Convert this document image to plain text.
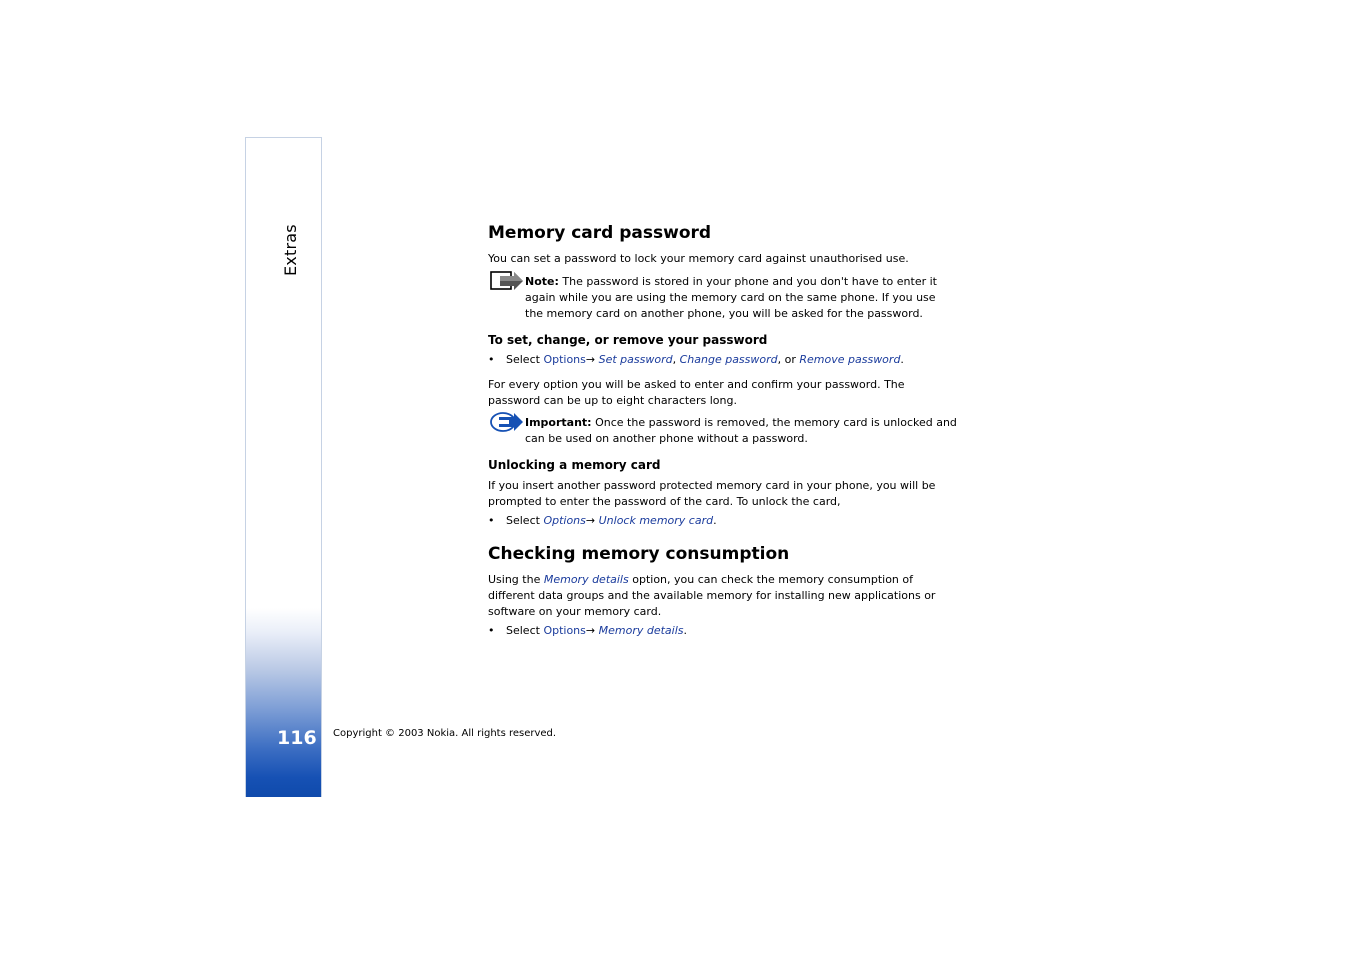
Extras
116 Copyright © 2003 Nokia. All rights reserved.
Memory card password
You can set a password to lock your memory card against unauthorised use.
Note: The password is stored in your phone and you don't have to enter it again while you are using the memory card on the same phone. If you use the memory card on another phone, you will be asked for the password.
To set, change, or remove your password
• Select Options→ Set password, Change password, or Remove password.
For every option you will be asked to enter and confirm your password. The password can be up to eight characters long.
Important: Once the password is removed, the memory card is unlocked and can be used on another phone without a password.
Unlocking a memory card
If you insert another password protected memory card in your phone, you will be prompted to enter the password of the card. To unlock the card,
• Select Options→ Unlock memory card.
Checking memory consumption
Using the Memory details option, you can check the memory consumption of different data groups and the available memory for installing new applications or software on your memory card.
• Select Options→ Memory details.
